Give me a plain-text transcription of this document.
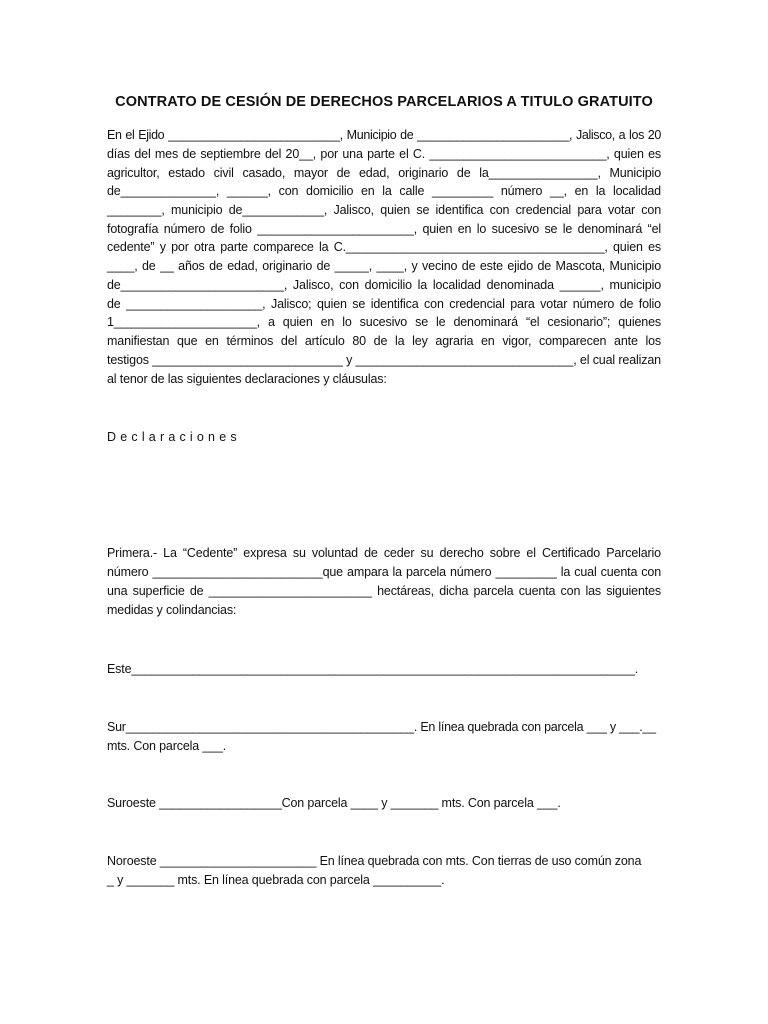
CONTRATO DE CESIÓN DE DERECHOS PARCELARIOS A TITULO GRATUITO
En el Ejido __________________________, Municipio de _______________________, Jalisco, a los 20
días del mes de septiembre del 20__, por una parte el C. __________________________, quien es
agricultor, estado civil casado, mayor de edad, originario de la________________, Municipio
de______________, ______, con domicilio en la calle _________ número __, en la localidad
________, municipio de____________, Jalisco, quien se identifica con credencial para votar con
fotografía número de folio _______________________, quien en lo sucesivo se le denominará “el
cedente” y por otra parte comparece la C.______________________________________, quien es
____, de __ años de edad, originario de _____, ____, y vecino de este ejido de Mascota, Municipio
de________________________, Jalisco, con domicilio la localidad denominada ______, municipio
de ____________________, Jalisco; quien se identifica con credencial para votar número de folio
1_____________________, a quien en lo sucesivo se le denominará “el cesionario”; quienes
manifiestan que en términos del artículo 80 de la ley agraria en vigor, comparecen ante los
testigos ____________________________ y ________________________________, el cual realizan
al tenor de las siguientes declaraciones y cláusulas:
Declaraciones
Primera.- La “Cedente” expresa su voluntad de ceder su derecho sobre el Certificado Parcelario
número _________________________que ampara la parcela número _________ la cual cuenta con
una superficie de ________________________ hectáreas, dicha parcela cuenta con las siguientes
medidas y colindancias:
Este__________________________________________________________________________.
Sur___________________________________________. En línea quebrada con parcela ___ y ___.__
mts. Con parcela ___.
Suroeste __________________Con parcela ____ y _______ mts. Con parcela ___.
Noroeste _______________________ En línea quebrada con mts. Con tierras de uso común zona
_ y _______ mts. En línea quebrada con parcela __________.
